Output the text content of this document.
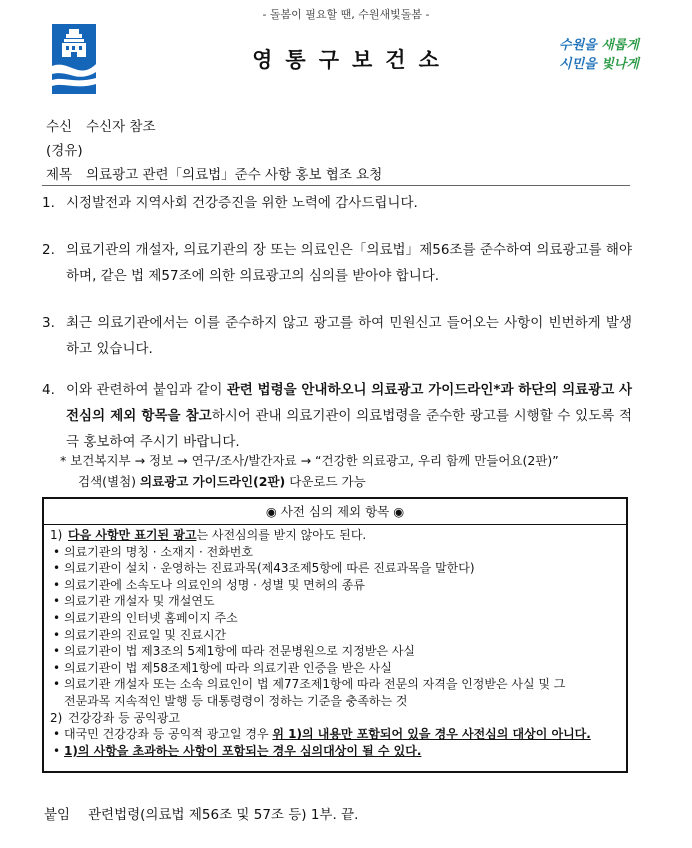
- 돌봄이 필요할 땐, 수원새빛돌봄 -
영통구보건소
수원을 새롭게
시민을 빛나게
수신 수신자 참조
(경유)
제목 의료광고 관련「의료법」준수 사항 홍보 협조 요청
1. 시정발전과 지역사회 건강증진을 위한 노력에 감사드립니다.
2. 의료기관의 개설자, 의료기관의 장 또는 의료인은「의료법」제56조를 준수하여 의료광고를 해야하며, 같은 법 제57조에 의한 의료광고의 심의를 받아야 합니다.
3. 최근 의료기관에서는 이를 준수하지 않고 광고를 하여 민원신고 들어오는 사항이 빈번하게 발생하고 있습니다.
4. 이와 관련하여 붙임과 같이 관련 법령을 안내하오니 의료광고 가이드라인*과 하단의 의료광고 사전심의 제외 항목을 참고하시어 관내 의료기관이 의료법령을 준수한 광고를 시행할 수 있도록 적극 홍보하여 주시기 바랍니다.
* 보건복지부 → 정보 → 연구/조사/발간자료 → “건강한 의료광고, 우리 함께 만들어요(2판)”
검색(별첨) 의료광고 가이드라인(2판) 다운로드 가능
◉ 사전 심의 제외 항목 ◉
1) 다음 사항만 표기된 광고는 사전심의를 받지 않아도 된다.
• 의료기관의 명칭 · 소재지 · 전화번호
• 의료기관이 설치 · 운영하는 진료과목(제43조제5항에 따른 진료과목을 말한다)
• 의료기관에 소속도나 의료인의 성명 · 성별 및 면허의 종류
• 의료기관 개설자 및 개설연도
• 의료기관의 인터넷 홈페이지 주소
• 의료기관의 진료일 및 진료시간
• 의료기관이 법 제3조의 5제1항에 따라 전문병원으로 지정받은 사실
• 의료기관이 법 제58조제1항에 따라 의료기관 인증을 받은 사실
• 의료기관 개설자 또는 소속 의료인이 법 제77조제1항에 따라 전문의 자격을 인정받은 사실 및 그
전문과목 지속적인 발행 등 대통령령이 정하는 기준을 충족하는 것
2) 건강강좌 등 공익광고
• 대국민 건강강좌 등 공익적 광고일 경우 위 1)의 내용만 포함되어 있을 경우 사전심의 대상이 아니다.
• 1)의 사항을 초과하는 사항이 포함되는 경우 심의대상이 될 수 있다.
붙임 관련법령(의료법 제56조 및 57조 등) 1부. 끝.
